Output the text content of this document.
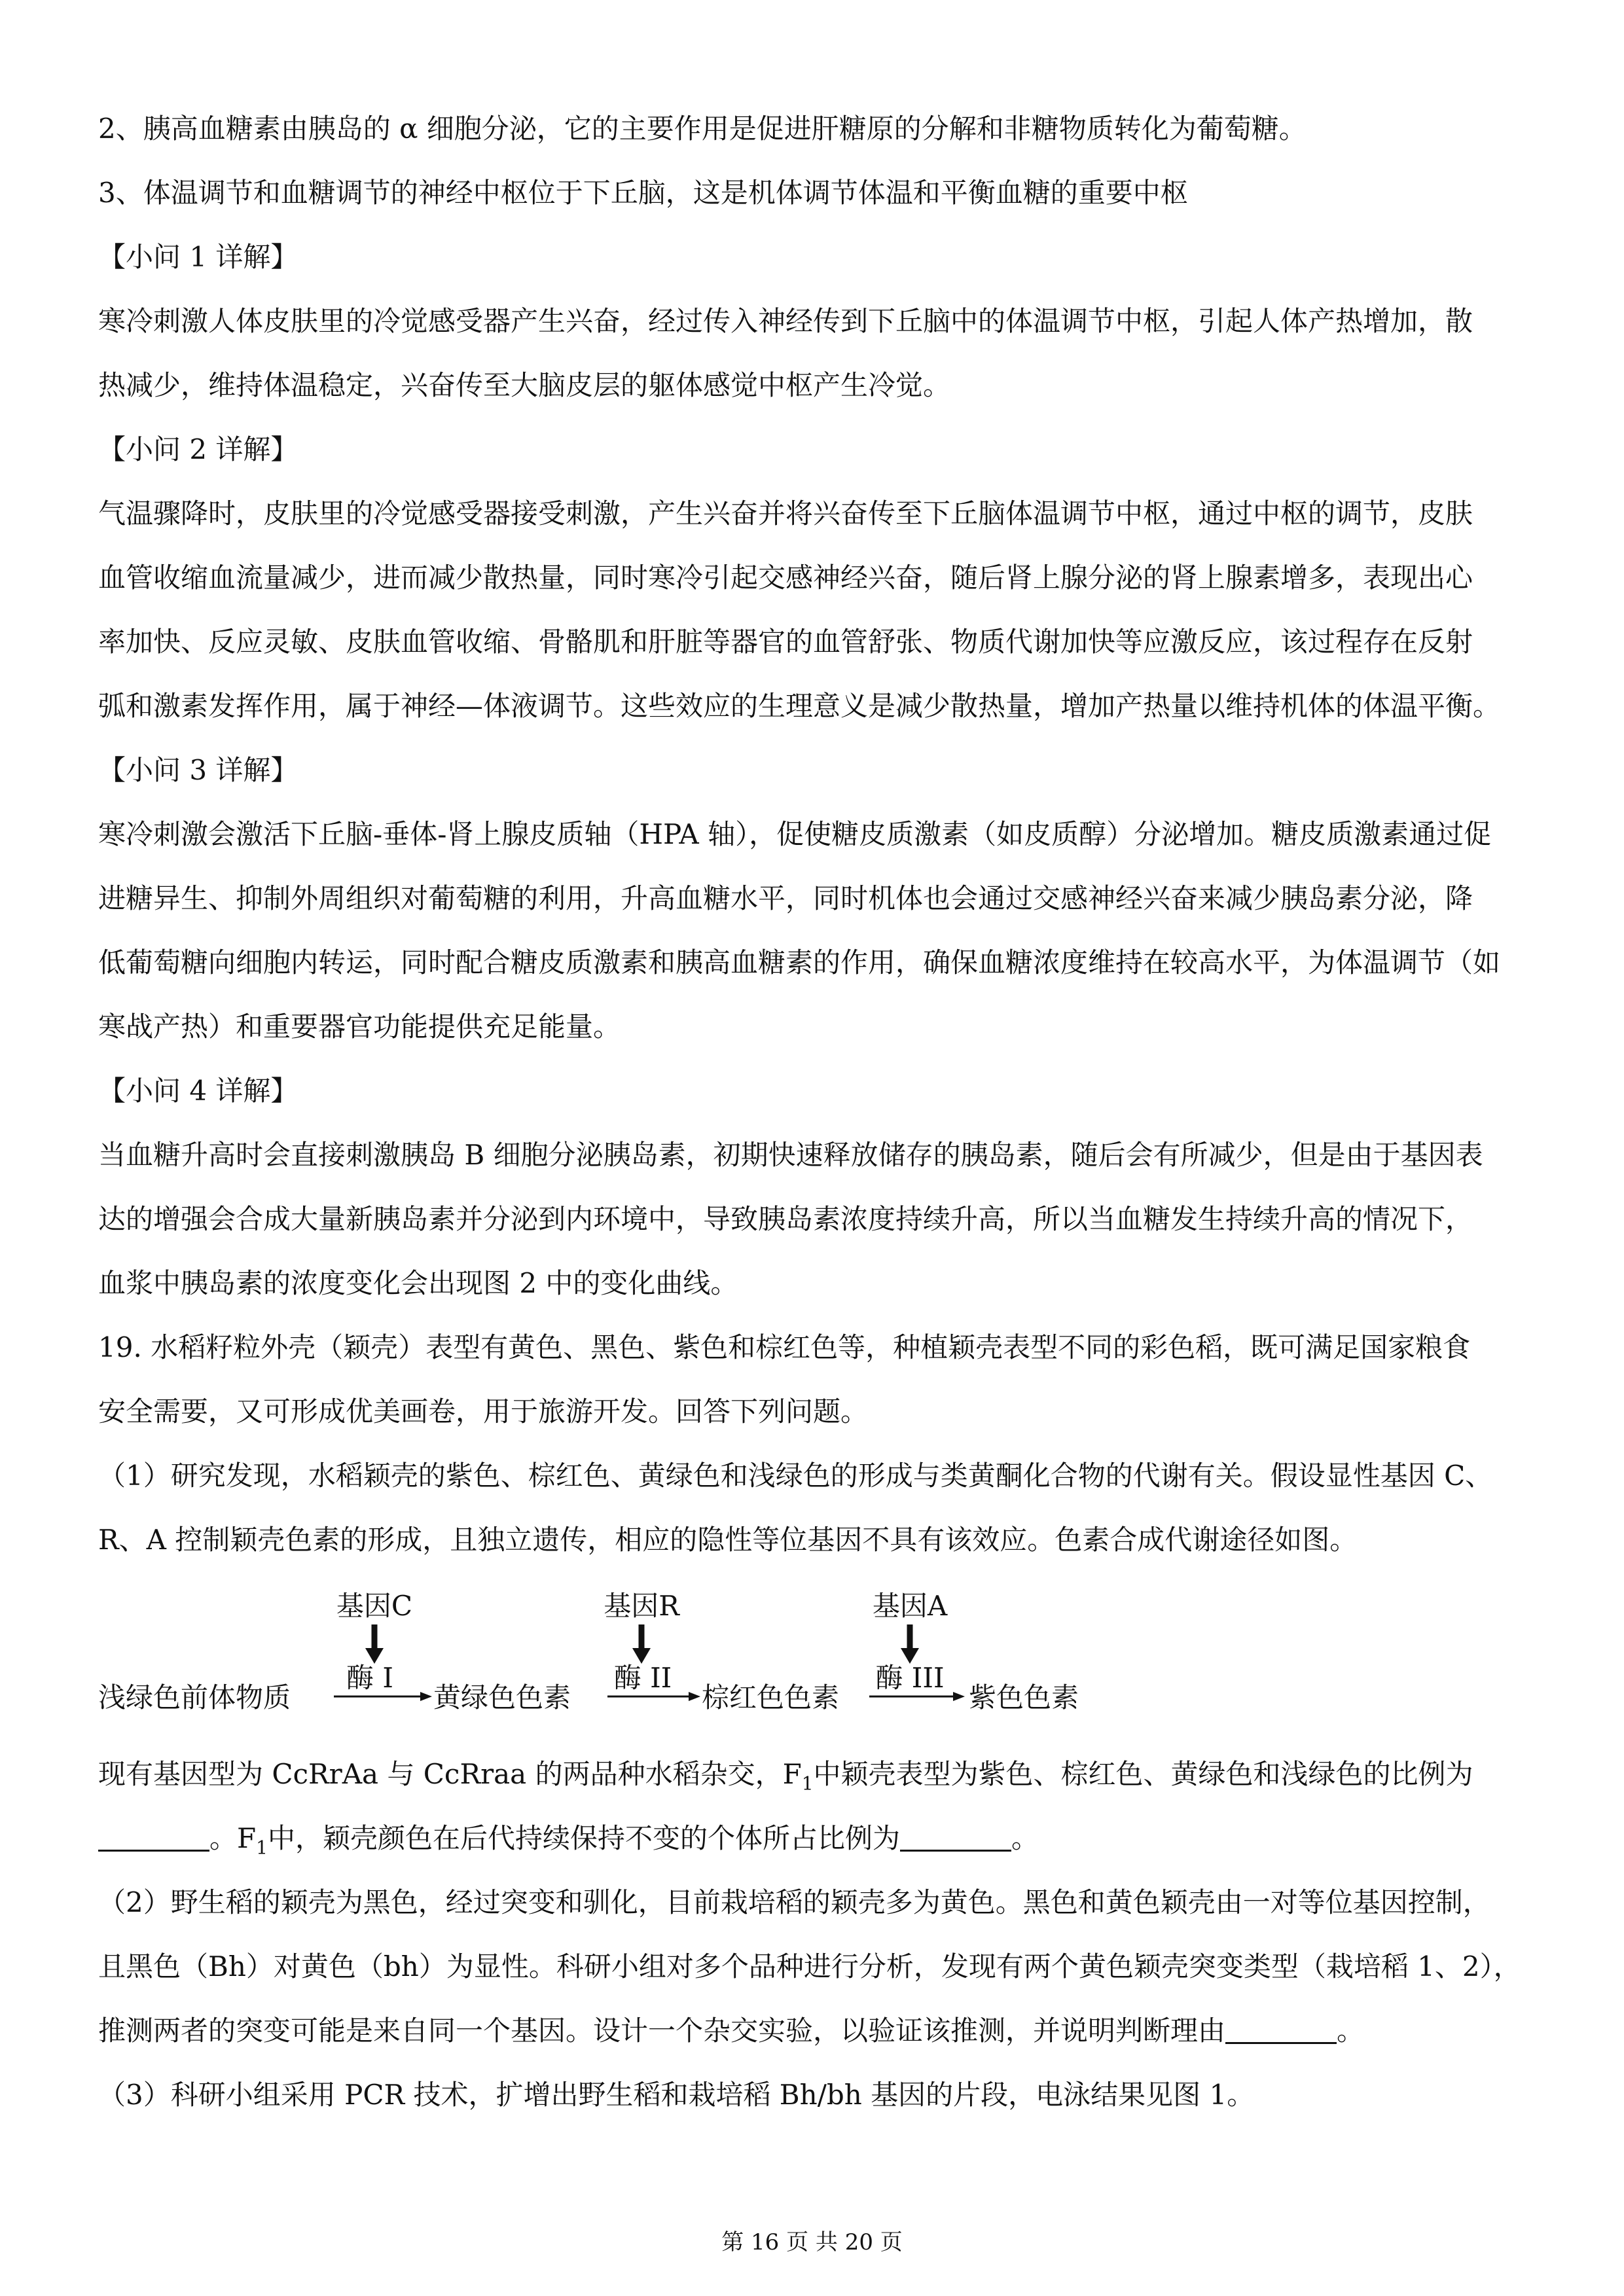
2、胰高血糖素由胰岛的 α 细胞分泌，它的主要作用是促进肝糖原的分解和非糖物质转化为葡萄糖。
3、体温调节和血糖调节的神经中枢位于下丘脑，这是机体调节体温和平衡血糖的重要中枢
【小问 1 详解】
寒冷刺激人体皮肤里的冷觉感受器产生兴奋，经过传入神经传到下丘脑中的体温调节中枢，引起人体产热增加，散
热减少，维持体温稳定，兴奋传至大脑皮层的躯体感觉中枢产生冷觉。
【小问 2 详解】
气温骤降时，皮肤里的冷觉感受器接受刺激，产生兴奋并将兴奋传至下丘脑体温调节中枢，通过中枢的调节，皮肤
血管收缩血流量减少，进而减少散热量，同时寒冷引起交感神经兴奋，随后肾上腺分泌的肾上腺素增多，表现出心
率加快、反应灵敏、皮肤血管收缩、骨骼肌和肝脏等器官的血管舒张、物质代谢加快等应激反应，该过程存在反射
弧和激素发挥作用，属于神经—体液调节。这些效应的生理意义是减少散热量，增加产热量以维持机体的体温平衡。
【小问 3 详解】
寒冷刺激会激活下丘脑-垂体-肾上腺皮质轴（HPA 轴），促使糖皮质激素（如皮质醇）分泌增加。糖皮质激素通过促
进糖异生、抑制外周组织对葡萄糖的利用，升高血糖水平，同时机体也会通过交感神经兴奋来减少胰岛素分泌，降
低葡萄糖向细胞内转运，同时配合糖皮质激素和胰高血糖素的作用，确保血糖浓度维持在较高水平，为体温调节（如
寒战产热）和重要器官功能提供充足能量。
【小问 4 详解】
当血糖升高时会直接刺激胰岛 B 细胞分泌胰岛素，初期快速释放储存的胰岛素，随后会有所减少，但是由于基因表
达的增强会合成大量新胰岛素并分泌到内环境中，导致胰岛素浓度持续升高，所以当血糖发生持续升高的情况下，
血浆中胰岛素的浓度变化会出现图 2 中的变化曲线。
19. 水稻籽粒外壳（颖壳）表型有黄色、黑色、紫色和棕红色等，种植颖壳表型不同的彩色稻，既可满足国家粮食
安全需要，又可形成优美画卷，用于旅游开发。回答下列问题。
（1）研究发现，水稻颖壳的紫色、棕红色、黄绿色和浅绿色的形成与类黄酮化合物的代谢有关。假设显性基因 C、
R、A 控制颖壳色素的形成，且独立遗传，相应的隐性等位基因不具有该效应。色素合成代谢途径如图。
基因C	基因R	基因A
酶 I	酶 II	酶 III
浅绿色前体物质	黄绿色色素	棕红色色素	紫色色素
现有基因型为 CcRrAa 与 CcRraa 的两品种水稻杂交，$F_1$中颖壳表型为紫色、棕红色、黄绿色和浅绿色的比例为
。$F_1$中，颖壳颜色在后代持续保持不变的个体所占比例为	。
（2）野生稻的颖壳为黑色，经过突变和驯化，目前栽培稻的颖壳多为黄色。黑色和黄色颖壳由一对等位基因控制，
且黑色（Bh）对黄色（bh）为显性。科研小组对多个品种进行分析，发现有两个黄色颖壳突变类型（栽培稻 1、2），
推测两者的突变可能是来自同一个基因。设计一个杂交实验，以验证该推测，并说明判断理由	。
（3）科研小组采用 PCR 技术，扩增出野生稻和栽培稻 Bh/bh 基因的片段，电泳结果见图 1。
第 16 页 共 20 页
